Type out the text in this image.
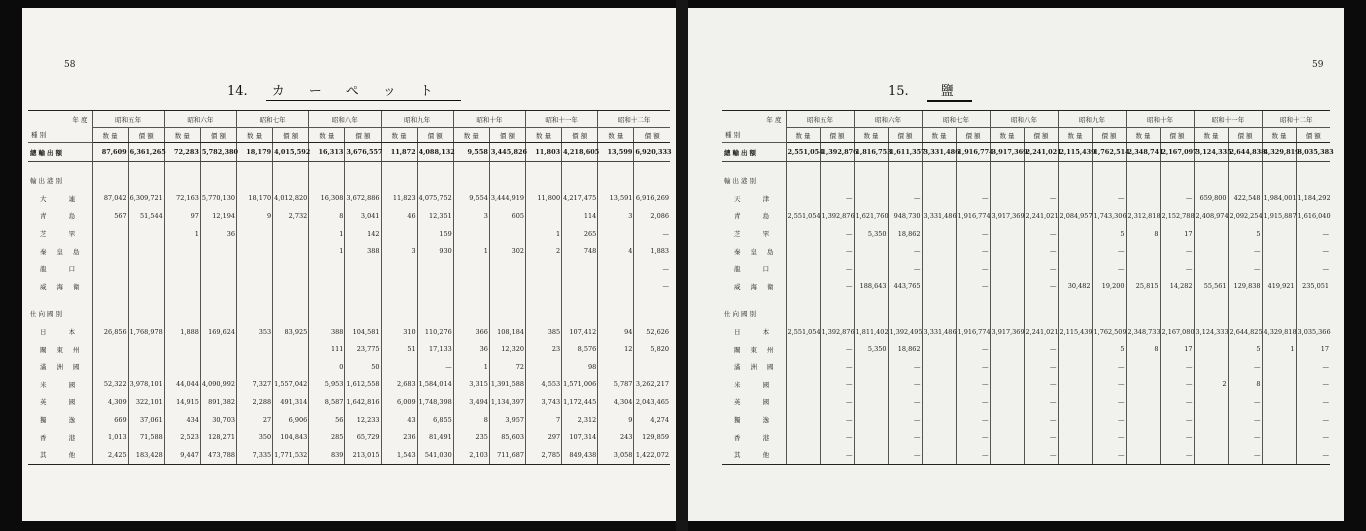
58
14.	カーペット
年 度
種 別	昭和五年		昭和六年		昭和七年		昭和八年		昭和九年		昭和十年		昭和十一年		昭和十二年	
	数 量	價 額	数 量	價 額	数 量	價 額	数 量	價 額	数 量	價 額	数 量	價 額	数 量	價 額	数 量	價 額
總輸出額	87,609	6,361,265	72,283	5,782,380	18,179	4,015,592	16,313	3,676,557	11,872	4,088,132	9,558	3,445,826	11,803	4,218,605	13,599	6,920,333

輸出港別																
大 連	87,042	6,309,721	72,163	5,770,130	18,170	4,012,820	16,308	3,672,886	11,823	4,075,752	9,554	3,444,919	11,800	4,217,475	13,591	6,916,269
青 島	567	51,544	97	12,194	9	2,732	8	3,041	46	12,351	3	605		114	3	2,086
芝 罘			1	36			1	142		159			1	265		—
秦皇島							1	388	3	930	1	302	2	748	4	1,883
龍 口																—
威海衛																—

仕向國別																
日 本	26,856	1,768,978	1,888	169,624	353	83,925	388	104,581	310	110,276	366	108,184	385	107,412	94	52,626
關東州							111	23,775	51	17,133	36	12,320	23	8,576	12	5,820
滿洲國							0	50		—	1	72		98		
米 國	52,322	3,978,101	44,044	4,090,992	7,327	1,557,042	5,953	1,612,558	2,683	1,584,014	3,315	1,391,588	4,553	1,571,006	5,787	3,262,217
英 國	4,309	322,101	14,915	891,382	2,288	491,314	8,587	1,642,816	6,009	1,748,398	3,494	1,134,397	3,743	1,172,445	4,304	2,043,465
獨 逸	669	37,061	434	30,703	27	6,906	56	12,233	43	6,855	8	3,957	7	2,312	9	4,274
香 港	1,013	71,588	2,523	128,271	350	104,843	285	65,729	236	81,491	235	85,603	297	107,314	243	129,859
其 他	2,425	183,428	9,447	473,788	7,335	1,771,532	839	213,015	1,543	541,030	2,103	711,687	2,785	849,438	3,058	1,422,072
59
15.	鹽
年 度
種 別	昭和五年		昭和六年		昭和七年		昭和八年		昭和九年		昭和十年		昭和十一年		昭和十二年	
	数 量	價 額	数 量	價 額	数 量	價 額	数 量	價 額	数 量	價 額	数 量	價 額	数 量	價 額	数 量	價 額
總輸出額	2,551,054	1,392,876	1,816,753	1,611,357	3,331,486	1,916,774	3,917,369	2,241,021	2,115,439	1,762,514	2,348,741	2,167,097	3,124,335	2,644,838	4,329,819	3,035,383

輸出港別																
天 津		—		—		—		—		—		—	659,800	422,548	1,984,001	1,184,292
青 島	2,551,054	1,392,876	1,621,760	948,730	3,331,486	1,916,774	3,917,369	2,241,021	2,084,957	1,743,306	2,312,818	2,152,788	2,408,974	2,092,254	1,915,887	1,616,040
芝 罘		—	5,350	18,862		—		—		5	8	17		5		—
秦皇島		—		—		—		—		—		—		—		—
龍 口		—		—		—		—		—		—		—		—
威海衛		—	188,643	443,765		—		—	30,482	19,200	25,815	14,282	55,561	129,838	419,921	235,051

仕向國別																
日 本	2,551,054	1,392,876	1,811,402	1,392,495	3,331,486	1,916,774	3,917,369	2,241,021	2,115,439	1,762,509	2,348,733	2,167,080	3,124,333	2,644,825	4,329,818	3,035,366
關東州		—	5,350	18,862		—		—		5	8	17		5	1	17
滿洲國		—		—		—		—		—		—		—		—
米 國		—		—		—		—		—		—	2	8		—
英 國		—		—		—		—		—		—		—		—
獨 逸		—		—		—		—		—		—		—		—
香 港		—		—		—		—		—		—		—		—
其 他		—		—		—		—		—		—		—		—
